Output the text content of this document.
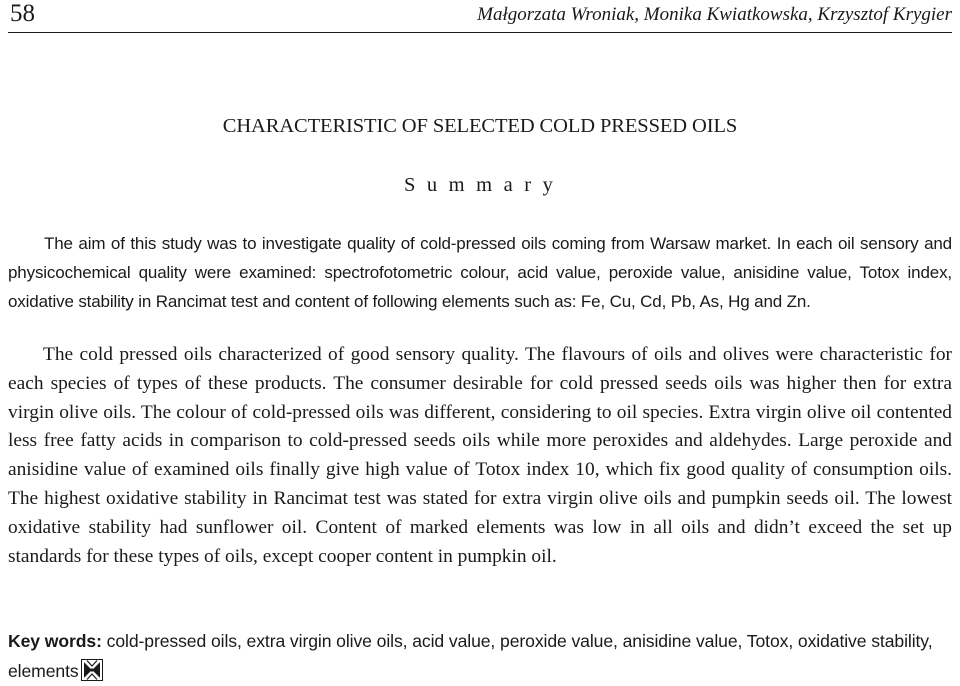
58	Małgorzata Wroniak, Monika Kwiatkowska, Krzysztof Krygier
CHARACTERISTIC OF SELECTED COLD PRESSED OILS
S u m m a r y

The aim of this study was to investigate quality of cold-pressed oils coming from Warsaw market. In each oil sensory and physicochemical quality were examined: spectrofotometric colour, acid value, peroxide value, anisidine value, Totox index, oxidative stability in Rancimat test and content of following elements such as: Fe, Cu, Cd, Pb, As, Hg and Zn.

The cold pressed oils characterized of good sensory quality. The flavours of oils and olives were characteristic for each species of types of these products. The consumer desirable for cold pressed seeds oils was higher then for extra virgin olive oils. The colour of cold-pressed oils was different, considering to oil species. Extra virgin olive oil contented less free fatty acids in comparison to cold-pressed seeds oils while more peroxides and aldehydes. Large peroxide and anisidine value of examined oils finally give high value of Totox index 10, which fix good quality of consumption oils. The highest oxidative stability in Rancimat test was stated for extra virgin olive oils and pumpkin seeds oil. The lowest oxidative stability had sunflower oil. Content of marked elements was low in all oils and didn’t exceed the set up standards for these types of oils, except cooper content in pumpkin oil.

Key words: cold-pressed oils, extra virgin olive oils, acid value, peroxide value, anisidine value, Totox, oxidative stability, elements
